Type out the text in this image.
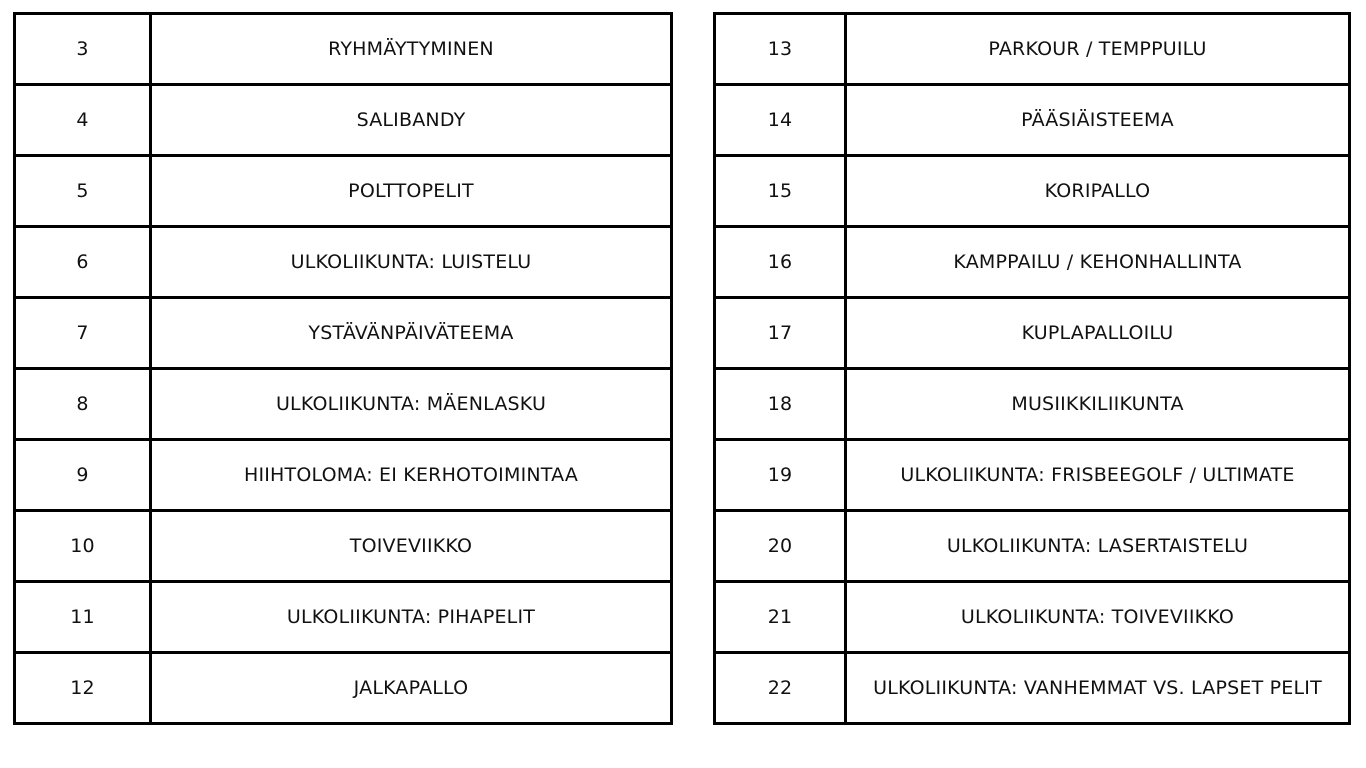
3	RYHMÄYTYMINEN
4	SALIBANDY
5	POLTTOPELIT
6	ULKOLIIKUNTA: LUISTELU
7	YSTÄVÄNPÄIVÄTEEMA
8	ULKOLIIKUNTA: MÄENLASKU
9	HIIHTOLOMA: EI KERHOTOIMINTAA
10	TOIVEVIIKKO
11	ULKOLIIKUNTA: PIHAPELIT
12	JALKAPALLO
13	PARKOUR / TEMPPUILU
14	PÄÄSIÄISTEEMA
15	KORIPALLO
16	KAMPPAILU / KEHONHALLINTA
17	KUPLAPALLOILU
18	MUSIIKKILIIKUNTA
19	ULKOLIIKUNTA: FRISBEEGOLF / ULTIMATE
20	ULKOLIIKUNTA: LASERTAISTELU
21	ULKOLIIKUNTA: TOIVEVIIKKO
22	ULKOLIIKUNTA: VANHEMMAT VS. LAPSET PELIT
